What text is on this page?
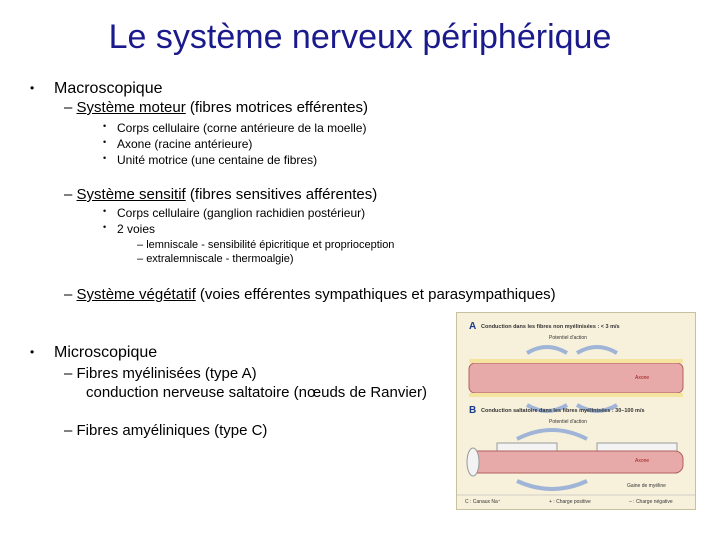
Le système nerveux périphérique
• Macroscopique
– Système moteur (fibres motrices efférentes)
• Corps cellulaire (corne antérieure de la moelle)
• Axone (racine antérieure)
• Unité motrice (une centaine de fibres)
– Système sensitif (fibres sensitives afférentes)
• Corps cellulaire (ganglion rachidien postérieur)
• 2 voies
– lemniscale - sensibilité épicritique et proprioception
– extralemniscale - thermoalgie)
– Système végétatif (voies efférentes sympathiques et parasympathiques)
• Microscopique
– Fibres myélinisées (type A)
conduction nerveuse saltatoire (nœuds de Ranvier)
– Fibres amyéliniques (type C)
A Conduction dans les fibres non myélinisées : < 3 m/s
Potentiel d'action
Axone
B Conduction saltatoire dans les fibres myélinisées : 30–100 m/s
Potentiel d'action
Axone
Gaine de myéline
C : Canaux Na⁺	+ : Charge positive	– : Charge négative
